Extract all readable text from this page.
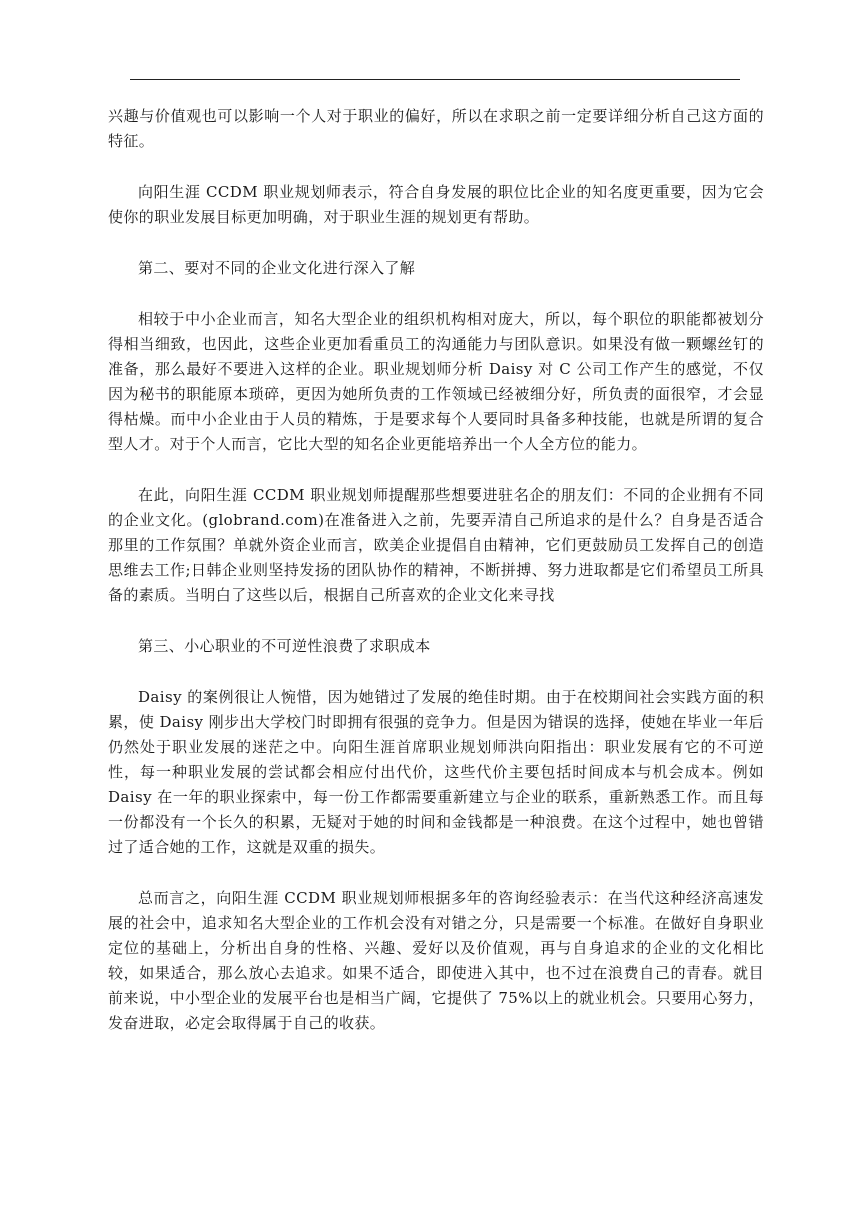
兴趣与价值观也可以影响一个人对于职业的偏好，所以在求职之前一定要详细分析自己这方面的特征。

向阳生涯 CCDM 职业规划师表示，符合自身发展的职位比企业的知名度更重要，因为它会使你的职业发展目标更加明确，对于职业生涯的规划更有帮助。

第二、要对不同的企业文化进行深入了解

相较于中小企业而言，知名大型企业的组织机构相对庞大，所以，每个职位的职能都被划分得相当细致，也因此，这些企业更加看重员工的沟通能力与团队意识。如果没有做一颗螺丝钉的准备，那么最好不要进入这样的企业。职业规划师分析 Daisy 对 C 公司工作产生的感觉，不仅因为秘书的职能原本琐碎，更因为她所负责的工作领域已经被细分好，所负责的面很窄，才会显得枯燥。而中小企业由于人员的精炼，于是要求每个人要同时具备多种技能，也就是所谓的复合型人才。对于个人而言，它比大型的知名企业更能培养出一个人全方位的能力。

在此，向阳生涯 CCDM 职业规划师提醒那些想要进驻名企的朋友们：不同的企业拥有不同的企业文化。(globrand.com)在准备进入之前，先要弄清自己所追求的是什么？自身是否适合那里的工作氛围？单就外资企业而言，欧美企业提倡自由精神，它们更鼓励员工发挥自己的创造思维去工作;日韩企业则坚持发扬的团队协作的精神，不断拼搏、努力进取都是它们希望员工所具备的素质。当明白了这些以后，根据自己所喜欢的企业文化来寻找

第三、小心职业的不可逆性浪费了求职成本

Daisy 的案例很让人惋惜，因为她错过了发展的绝佳时期。由于在校期间社会实践方面的积累，使 Daisy 刚步出大学校门时即拥有很强的竞争力。但是因为错误的选择，使她在毕业一年后仍然处于职业发展的迷茫之中。向阳生涯首席职业规划师洪向阳指出：职业发展有它的不可逆性，每一种职业发展的尝试都会相应付出代价，这些代价主要包括时间成本与机会成本。例如 Daisy 在一年的职业探索中，每一份工作都需要重新建立与企业的联系，重新熟悉工作。而且每一份都没有一个长久的积累，无疑对于她的时间和金钱都是一种浪费。在这个过程中，她也曾错过了适合她的工作，这就是双重的损失。

总而言之，向阳生涯 CCDM 职业规划师根据多年的咨询经验表示：在当代这种经济高速发展的社会中，追求知名大型企业的工作机会没有对错之分，只是需要一个标准。在做好自身职业定位的基础上，分析出自身的性格、兴趣、爱好以及价值观，再与自身追求的企业的文化相比较，如果适合，那么放心去追求。如果不适合，即使进入其中，也不过在浪费自己的青春。就目前来说，中小型企业的发展平台也是相当广阔，它提供了 75%以上的就业机会。只要用心努力，发奋进取，必定会取得属于自己的收获。
